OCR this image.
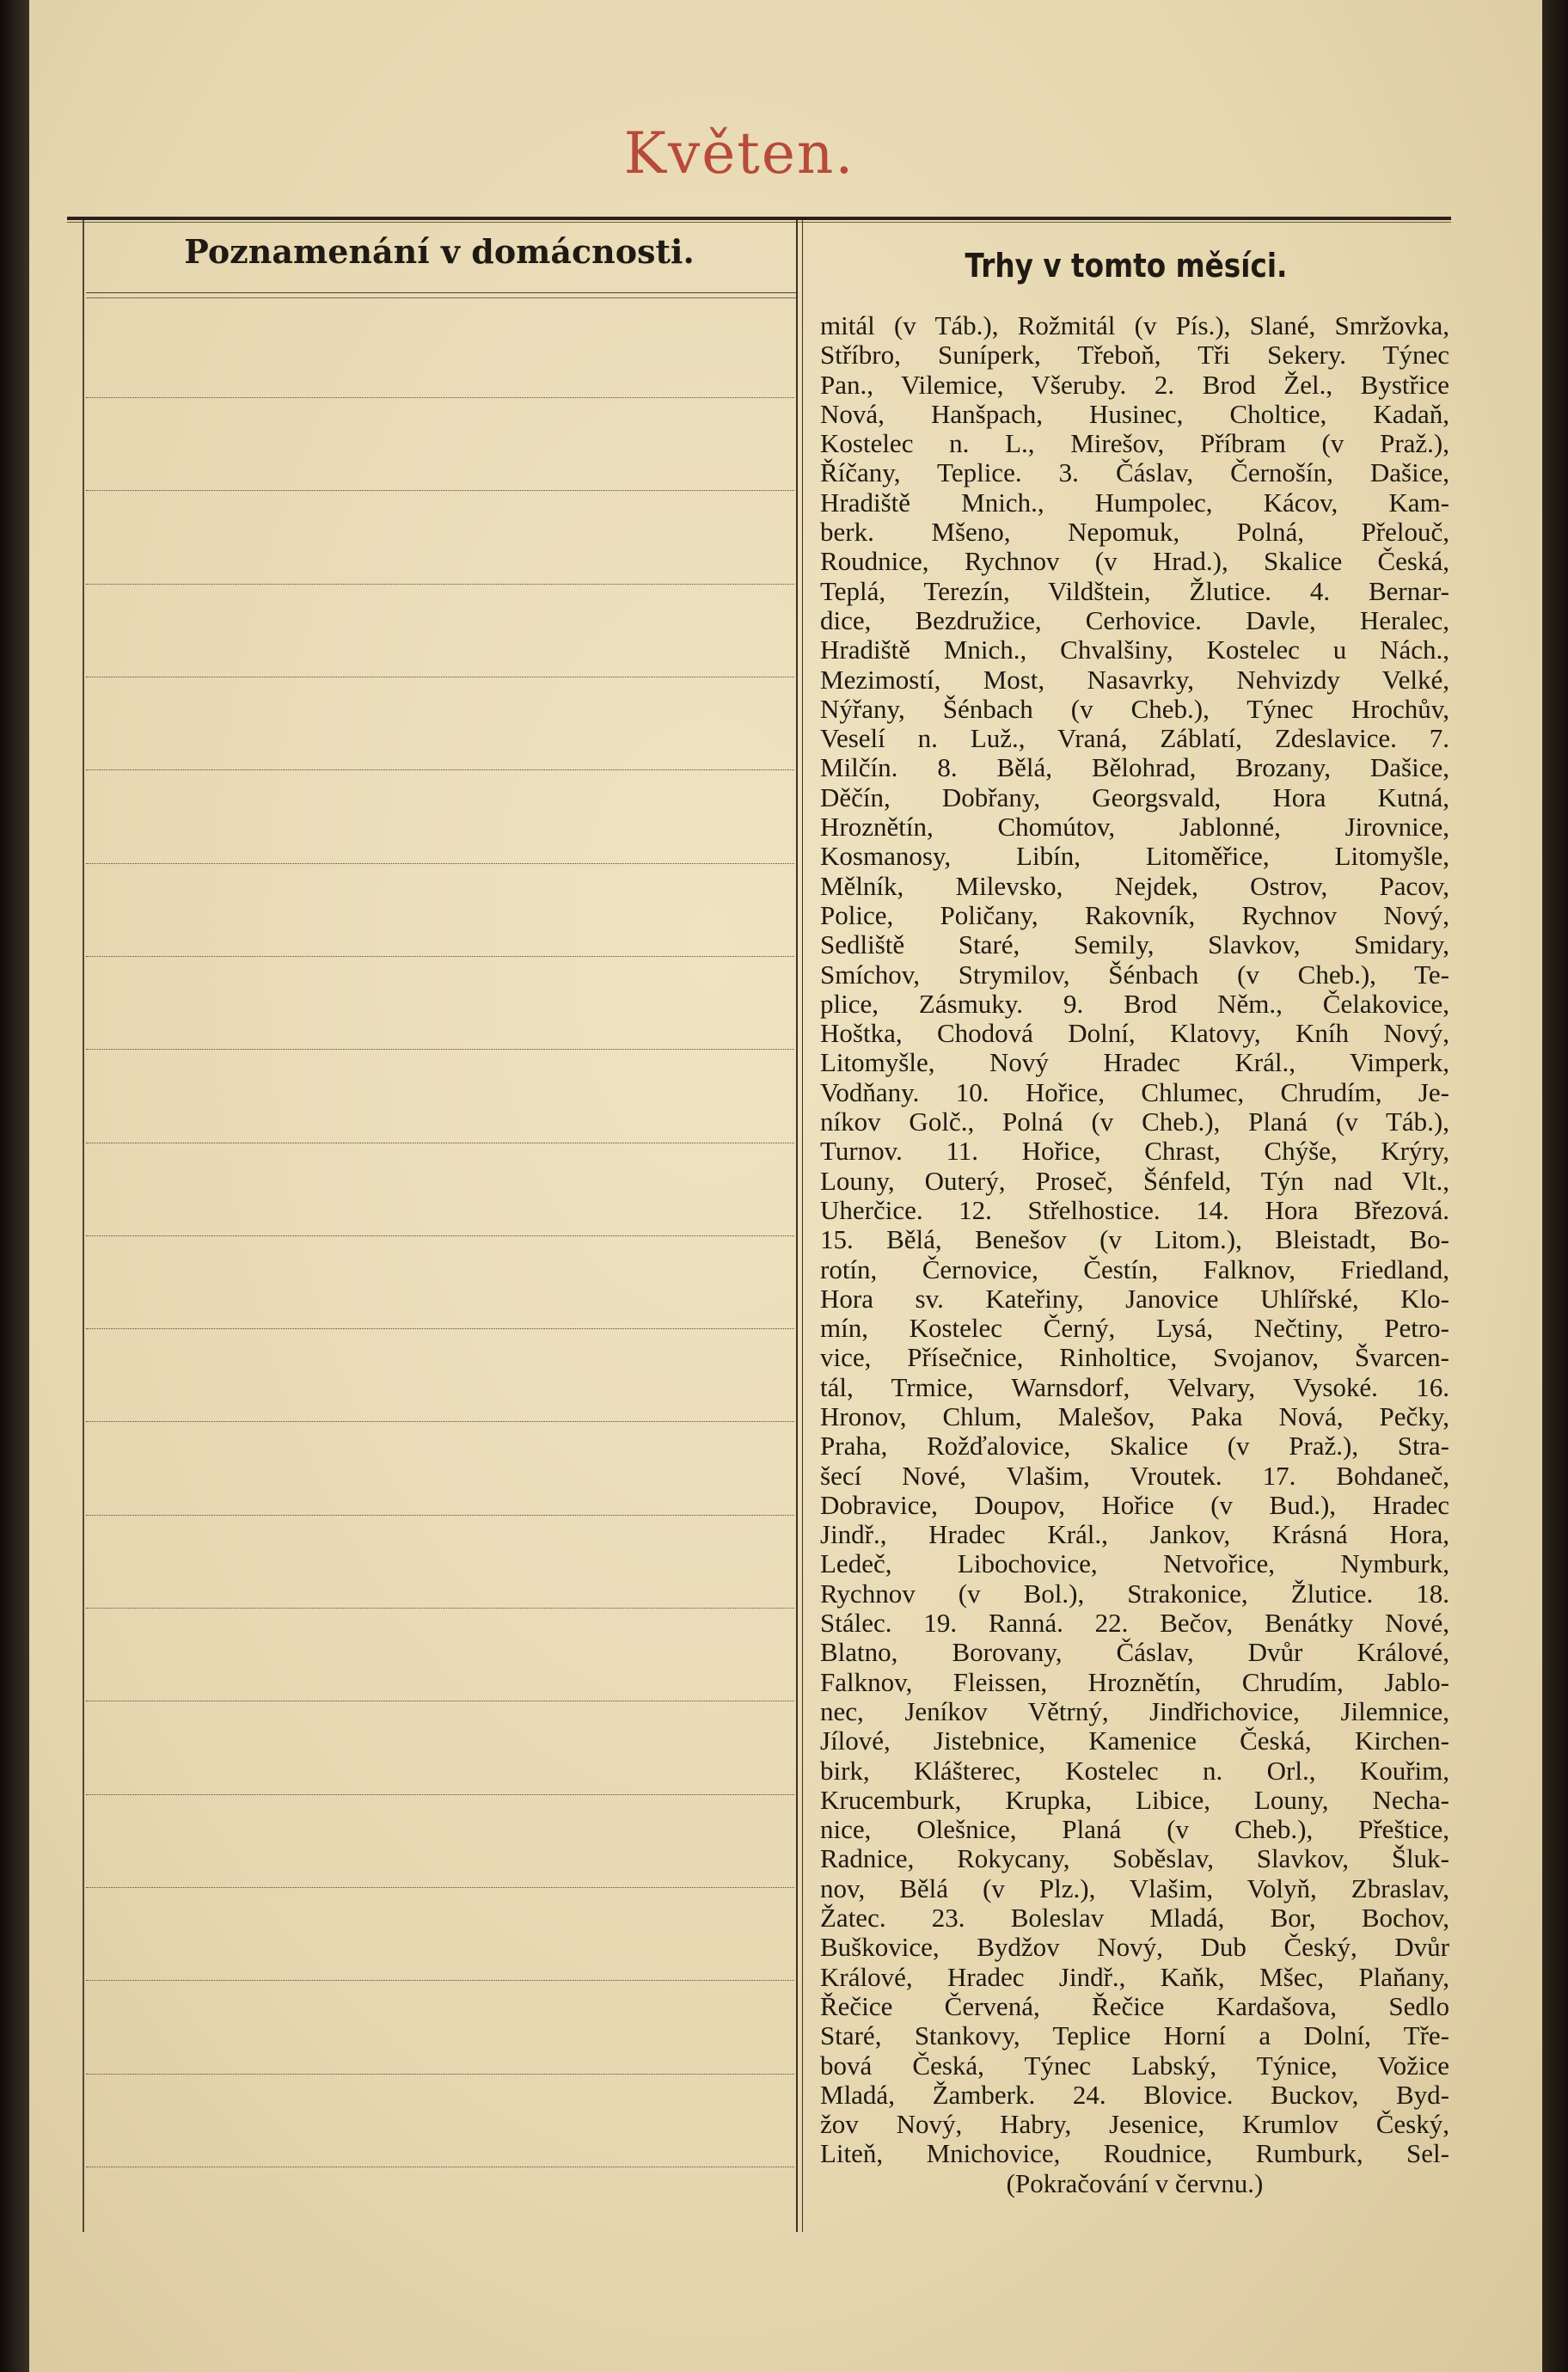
Květen.
Poznamenání v domácnosti.	Trhy v tomto měsíci.
mitál (v Táb.), Rožmitál (v Pís.), Slané, Smržovka,
Stříbro, Suníperk, Třeboň, Tři Sekery. Týnec
Pan., Vilemice, Všeruby. 2. Brod Žel., Bystřice
Nová, Hanšpach, Husinec, Choltice, Kadaň,
Kostelec n. L., Mirešov, Příbram (v Praž.),
Říčany, Teplice. 3. Čáslav, Černošín, Dašice,
Hradiště Mnich., Humpolec, Kácov, Kam-
berk. Mšeno, Nepomuk, Polná, Přelouč,
Roudnice, Rychnov (v Hrad.), Skalice Česká,
Teplá, Terezín, Vildštein, Žlutice. 4. Bernar-
dice, Bezdružice, Cerhovice. Davle, Heralec,
Hradiště Mnich., Chvalšiny, Kostelec u Nách.,
Mezimostí, Most, Nasavrky, Nehvizdy Velké,
Nýřany, Šénbach (v Cheb.), Týnec Hrochův,
Veselí n. Luž., Vraná, Záblatí, Zdeslavice. 7.
Milčín. 8. Bělá, Bělohrad, Brozany, Dašice,
Děčín, Dobřany, Georgsvald, Hora Kutná,
Hroznětín, Chomútov, Jablonné, Jirovnice,
Kosmanosy, Libín, Litoměřice, Litomyšle,
Mělník, Milevsko, Nejdek, Ostrov, Pacov,
Police, Poličany, Rakovník, Rychnov Nový,
Sedliště Staré, Semily, Slavkov, Smidary,
Smíchov, Strymilov, Šénbach (v Cheb.), Te-
plice, Zásmuky. 9. Brod Něm., Čelakovice,
Hoštka, Chodová Dolní, Klatovy, Kníh Nový,
Litomyšle, Nový Hradec Král., Vimperk,
Vodňany. 10. Hořice, Chlumec, Chrudím, Je-
níkov Golč., Polná (v Cheb.), Planá (v Táb.),
Turnov. 11. Hořice, Chrast, Chýše, Krýry,
Louny, Outerý, Proseč, Šénfeld, Týn nad Vlt.,
Uherčice. 12. Střelhostice. 14. Hora Březová.
15. Bělá, Benešov (v Litom.), Bleistadt, Bo-
rotín, Černovice, Čestín, Falknov, Friedland,
Hora sv. Kateřiny, Janovice Uhlířské, Klo-
mín, Kostelec Černý, Lysá, Nečtiny, Petro-
vice, Přísečnice, Rinholtice, Svojanov, Švarcen-
tál, Trmice, Warnsdorf, Velvary, Vysoké. 16.
Hronov, Chlum, Malešov, Paka Nová, Pečky,
Praha, Rožďalovice, Skalice (v Praž.), Stra-
šecí Nové, Vlašim, Vroutek. 17. Bohdaneč,
Dobravice, Doupov, Hořice (v Bud.), Hradec
Jindř., Hradec Král., Jankov, Krásná Hora,
Ledeč, Libochovice, Netvořice, Nymburk,
Rychnov (v Bol.), Strakonice, Žlutice. 18.
Stálec. 19. Ranná. 22. Bečov, Benátky Nové,
Blatno, Borovany, Čáslav, Dvůr Králové,
Falknov, Fleissen, Hroznětín, Chrudím, Jablo-
nec, Jeníkov Větrný, Jindřichovice, Jilemnice,
Jílové, Jistebnice, Kamenice Česká, Kirchen-
birk, Klášterec, Kostelec n. Orl., Kouřim,
Krucemburk, Krupka, Libice, Louny, Necha-
nice, Olešnice, Planá (v Cheb.), Přeštice,
Radnice, Rokycany, Soběslav, Slavkov, Šluk-
nov, Bělá (v Plz.), Vlašim, Volyň, Zbraslav,
Žatec. 23. Boleslav Mladá, Bor, Bochov,
Buškovice, Bydžov Nový, Dub Český, Dvůr
Králové, Hradec Jindř., Kaňk, Mšec, Plaňany,
Řečice Červená, Řečice Kardašova, Sedlo
Staré, Stankovy, Teplice Horní a Dolní, Tře-
bová Česká, Týnec Labský, Týnice, Vožice
Mladá, Žamberk. 24. Blovice. Buckov, Byd-
žov Nový, Habry, Jesenice, Krumlov Český,
Liteň, Mnichovice, Roudnice, Rumburk, Sel-
(Pokračování v červnu.)
